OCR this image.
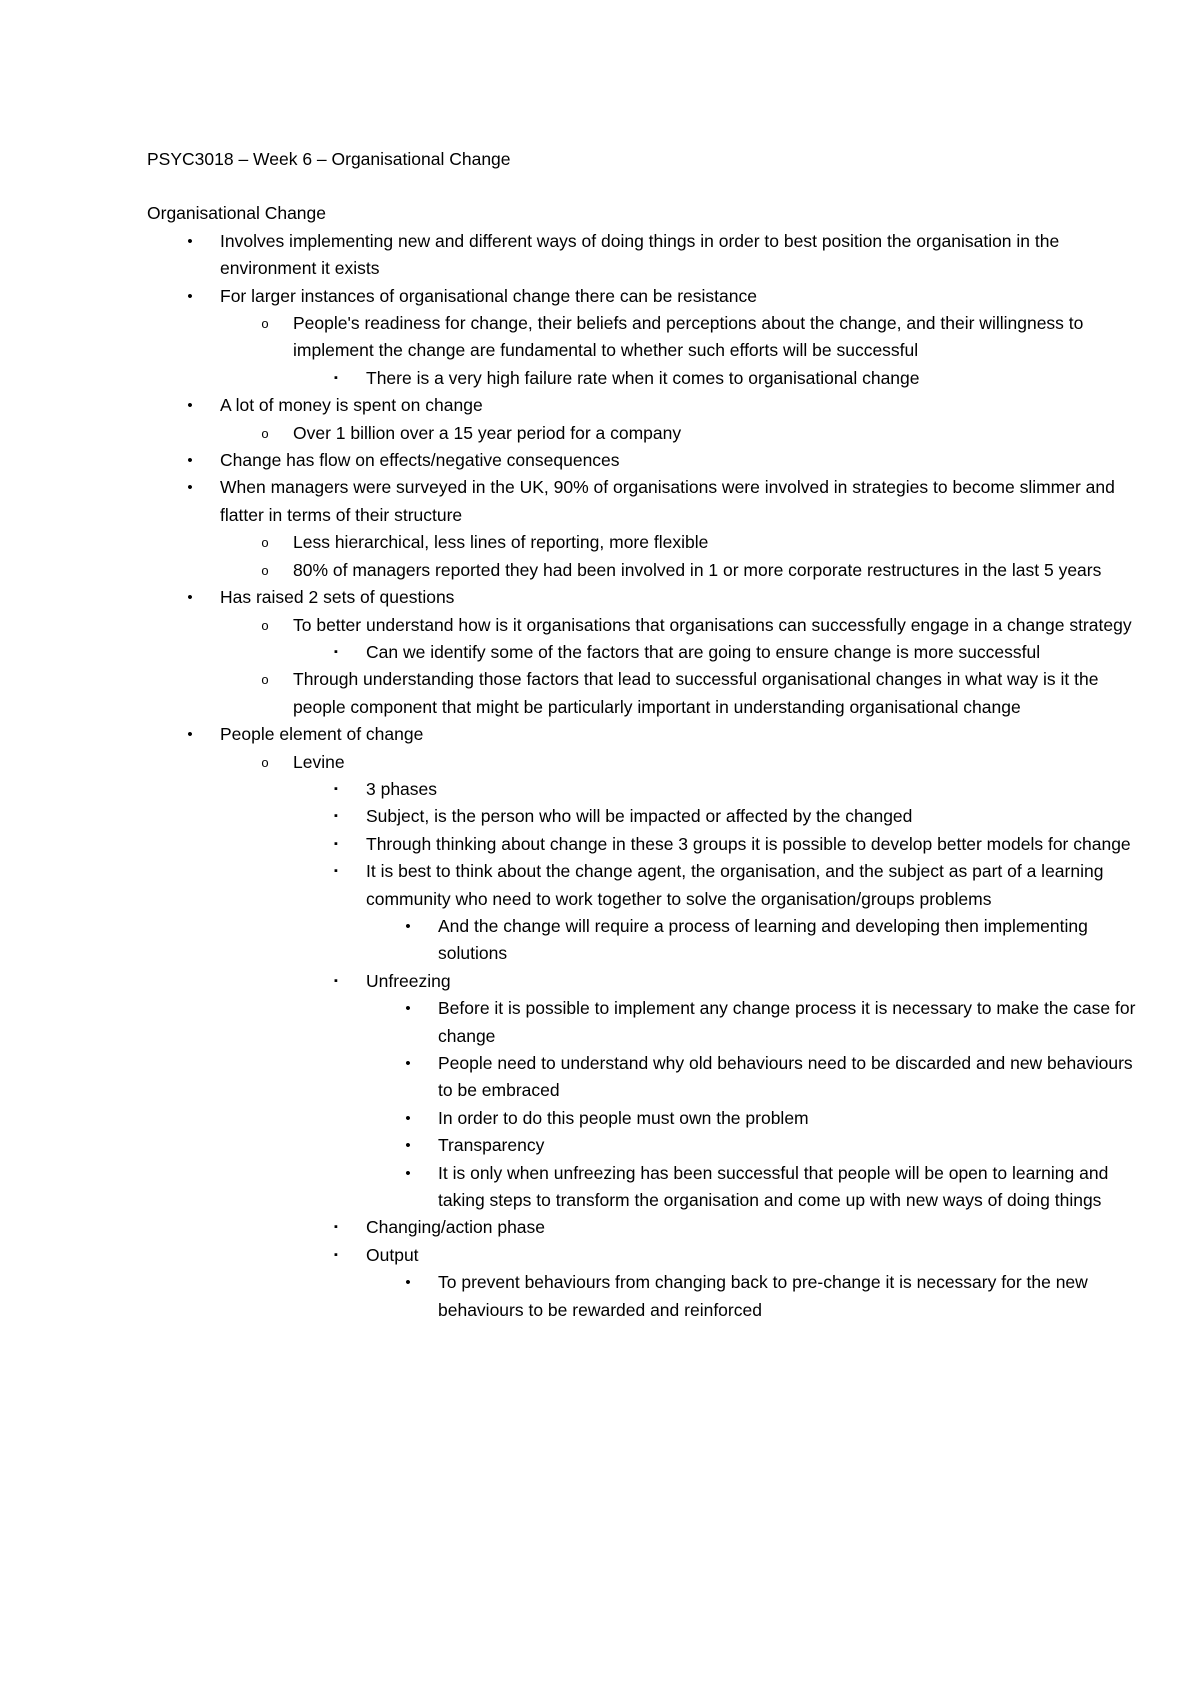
PSYC3018 – Week 6 – Organisational Change
Organisational Change
•	Involves implementing new and different ways of doing things in order to best position the organisation in the environment it exists
•	For larger instances of organisational change there can be resistance
o	People's readiness for change, their beliefs and perceptions about the change, and their willingness to implement the change are fundamental to whether such efforts will be successful
▪	There is a very high failure rate when it comes to organisational change
•	A lot of money is spent on change
o	Over 1 billion over a 15 year period for a company
•	Change has flow on effects/negative consequences
•	When managers were surveyed in the UK, 90% of organisations were involved in strategies to become slimmer and flatter in terms of their structure
o	Less hierarchical, less lines of reporting, more flexible
o	80% of managers reported they had been involved in 1 or more corporate restructures in the last 5 years
•	Has raised 2 sets of questions
o	To better understand how is it organisations that organisations can successfully engage in a change strategy
▪	Can we identify some of the factors that are going to ensure change is more successful
o	Through understanding those factors that lead to successful organisational changes in what way is it the people component that might be particularly important in understanding organisational change
•	People element of change
o	Levine
▪	3 phases
▪	Subject, is the person who will be impacted or affected by the changed
▪	Through thinking about change in these 3 groups it is possible to develop better models for change
▪	It is best to think about the change agent, the organisation, and the subject as part of a learning community who need to work together to solve the organisation/groups problems
•	And the change will require a process of learning and developing then implementing solutions
▪	Unfreezing
•	Before it is possible to implement any change process it is necessary to make the case for change
•	People need to understand why old behaviours need to be discarded and new behaviours to be embraced
•	In order to do this people must own the problem
•	Transparency
•	It is only when unfreezing has been successful that people will be open to learning and taking steps to transform the organisation and come up with new ways of doing things
▪	Changing/action phase
▪	Output
•	To prevent behaviours from changing back to pre-change it is necessary for the new behaviours to be rewarded and reinforced
